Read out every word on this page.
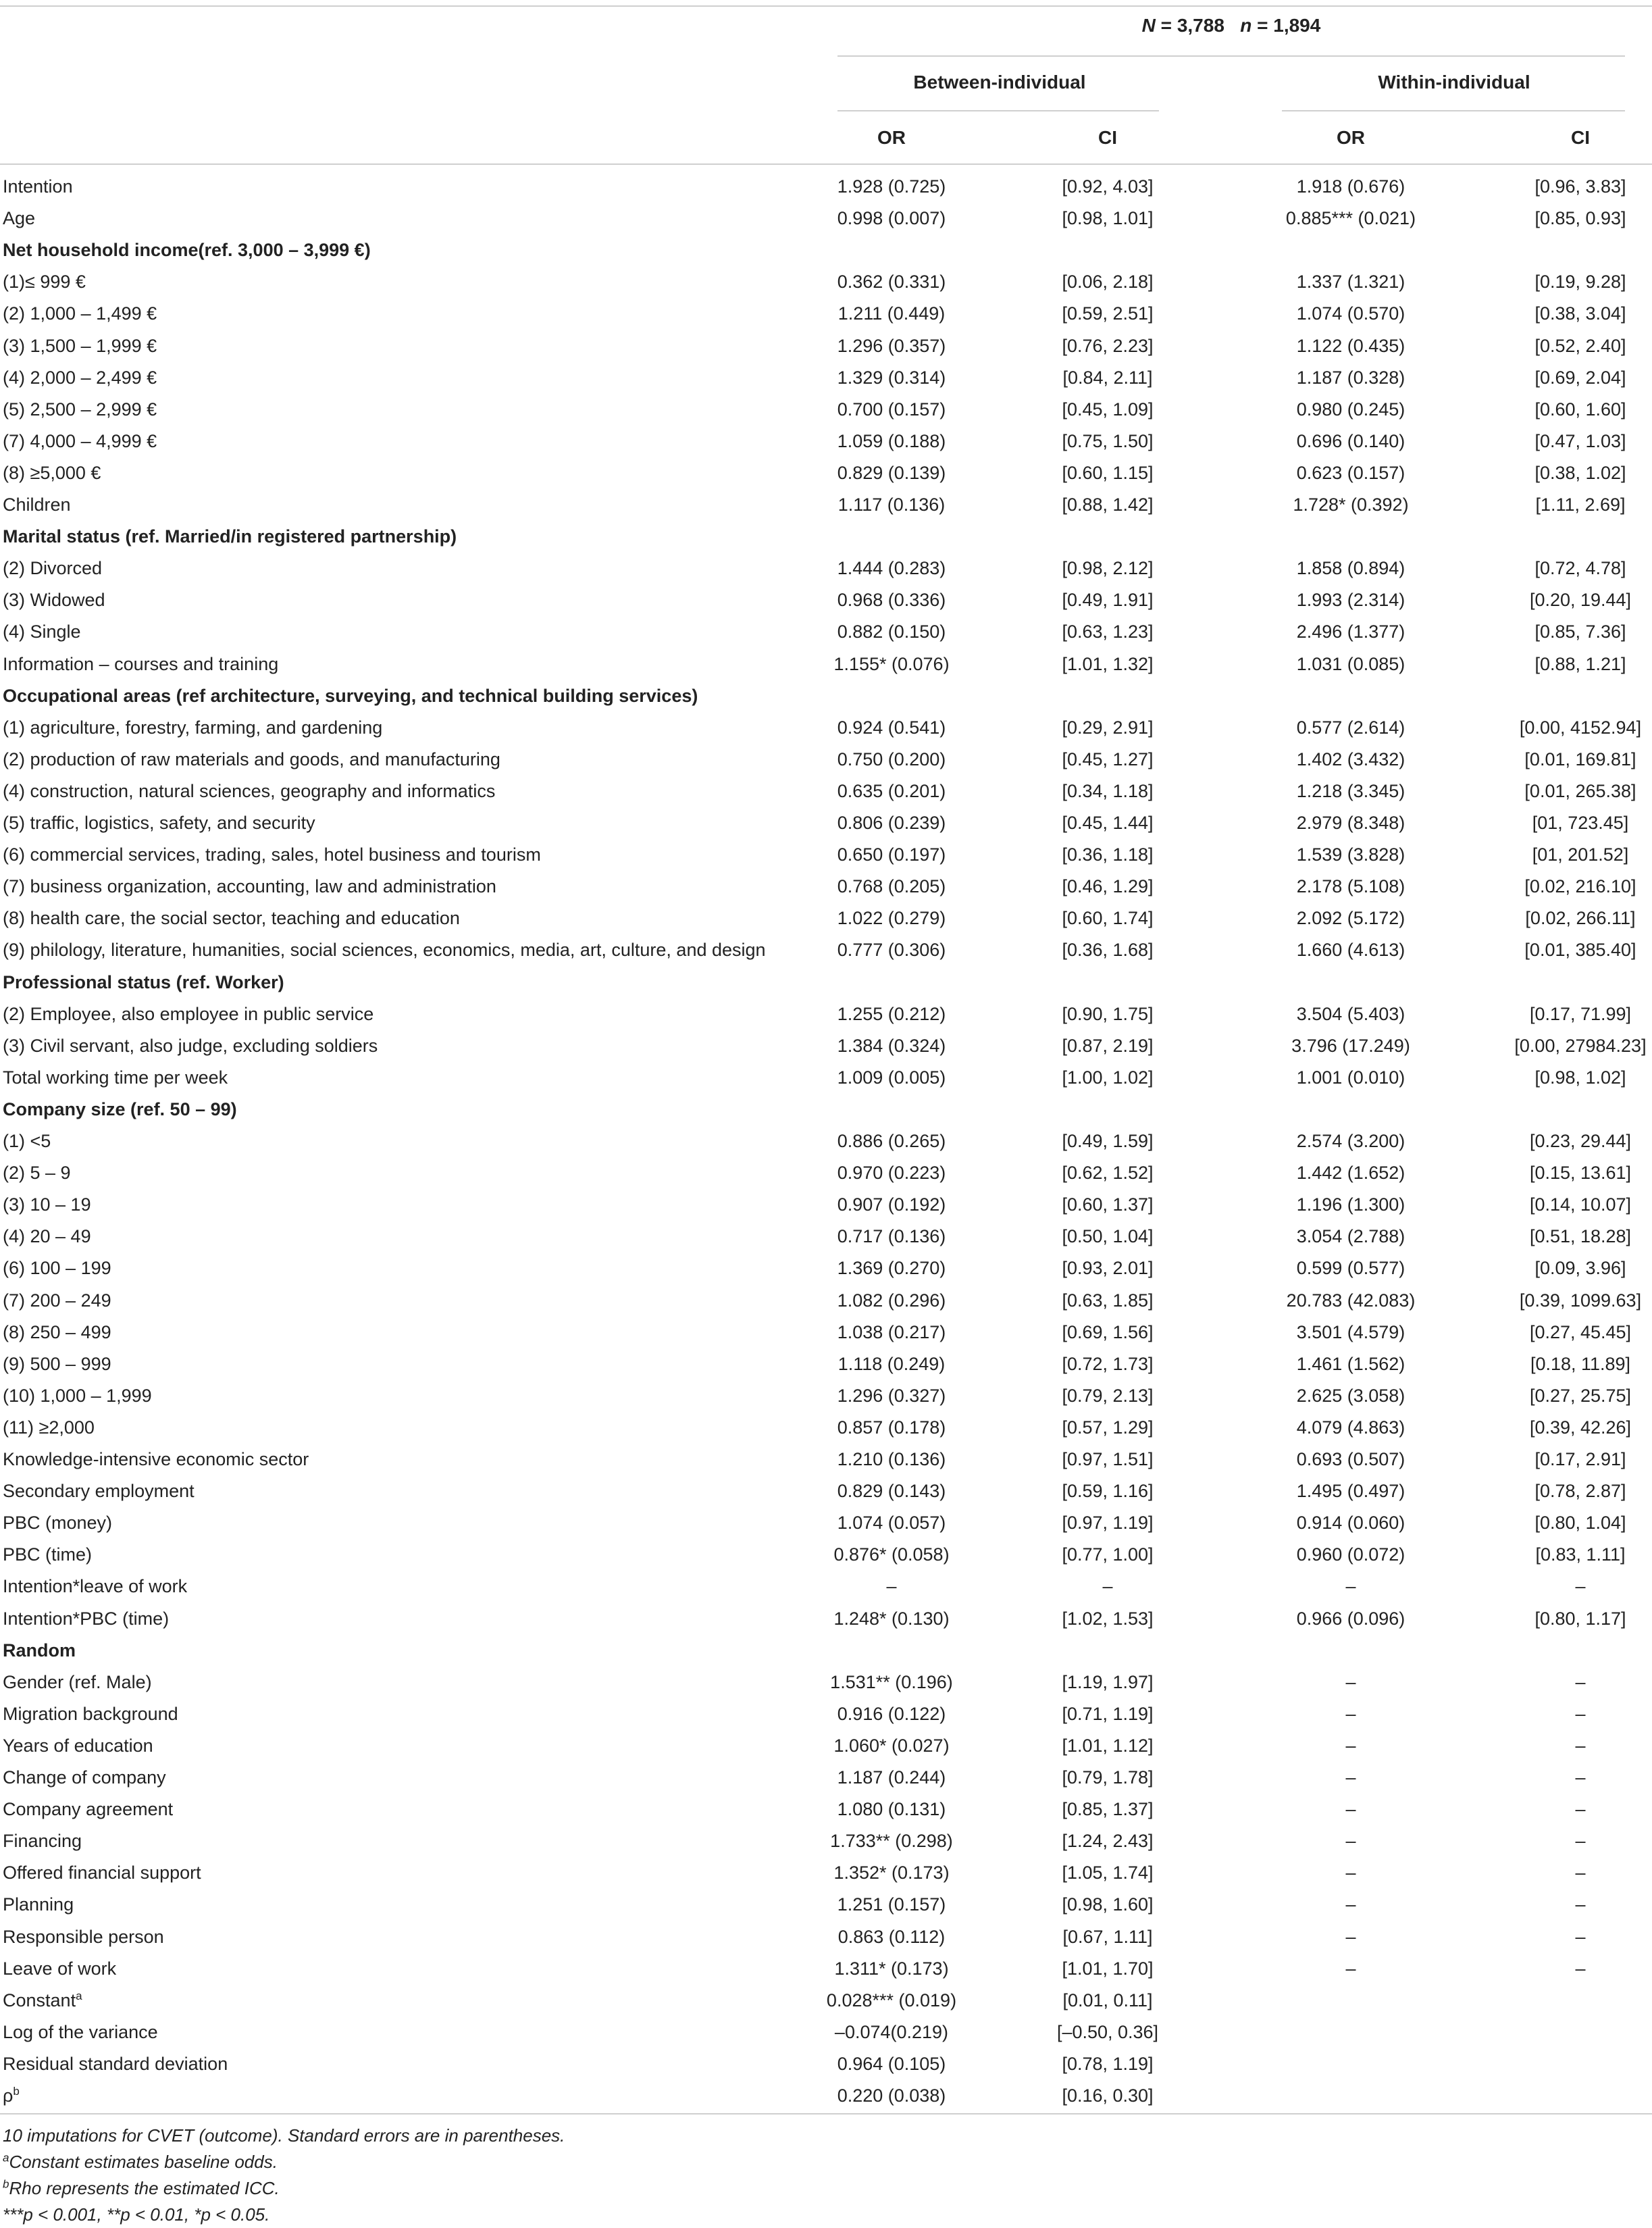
N = 3,788 n = 1,894
Between-individual	Within-individual
OR	CI	OR	CI
Intention	1.928 (0.725)	[0.92, 4.03]	1.918 (0.676)	[0.96, 3.83]
Age	0.998 (0.007)	[0.98, 1.01]	0.885*** (0.021)	[0.85, 0.93]
Net household income(ref. 3,000 – 3,999 €)
(1)≤ 999 €	0.362 (0.331)	[0.06, 2.18]	1.337 (1.321)	[0.19, 9.28]
(2) 1,000 – 1,499 €	1.211 (0.449)	[0.59, 2.51]	1.074 (0.570)	[0.38, 3.04]
(3) 1,500 – 1,999 €	1.296 (0.357)	[0.76, 2.23]	1.122 (0.435)	[0.52, 2.40]
(4) 2,000 – 2,499 €	1.329 (0.314)	[0.84, 2.11]	1.187 (0.328)	[0.69, 2.04]
(5) 2,500 – 2,999 €	0.700 (0.157)	[0.45, 1.09]	0.980 (0.245)	[0.60, 1.60]
(7) 4,000 – 4,999 €	1.059 (0.188)	[0.75, 1.50]	0.696 (0.140)	[0.47, 1.03]
(8) ≥5,000 €	0.829 (0.139)	[0.60, 1.15]	0.623 (0.157)	[0.38, 1.02]
Children	1.117 (0.136)	[0.88, 1.42]	1.728* (0.392)	[1.11, 2.69]
Marital status (ref. Married/in registered partnership)
(2) Divorced	1.444 (0.283)	[0.98, 2.12]	1.858 (0.894)	[0.72, 4.78]
(3) Widowed	0.968 (0.336)	[0.49, 1.91]	1.993 (2.314)	[0.20, 19.44]
(4) Single	0.882 (0.150)	[0.63, 1.23]	2.496 (1.377)	[0.85, 7.36]
Information – courses and training	1.155* (0.076)	[1.01, 1.32]	1.031 (0.085)	[0.88, 1.21]
Occupational areas (ref architecture, surveying, and technical building services)
(1) agriculture, forestry, farming, and gardening	0.924 (0.541)	[0.29, 2.91]	0.577 (2.614)	[0.00, 4152.94]
(2) production of raw materials and goods, and manufacturing	0.750 (0.200)	[0.45, 1.27]	1.402 (3.432)	[0.01, 169.81]
(4) construction, natural sciences, geography and informatics	0.635 (0.201)	[0.34, 1.18]	1.218 (3.345)	[0.01, 265.38]
(5) traffic, logistics, safety, and security	0.806 (0.239)	[0.45, 1.44]	2.979 (8.348)	[01, 723.45]
(6) commercial services, trading, sales, hotel business and tourism	0.650 (0.197)	[0.36, 1.18]	1.539 (3.828)	[01, 201.52]
(7) business organization, accounting, law and administration	0.768 (0.205)	[0.46, 1.29]	2.178 (5.108)	[0.02, 216.10]
(8) health care, the social sector, teaching and education	1.022 (0.279)	[0.60, 1.74]	2.092 (5.172)	[0.02, 266.11]
(9) philology, literature, humanities, social sciences, economics, media, art, culture, and design	0.777 (0.306)	[0.36, 1.68]	1.660 (4.613)	[0.01, 385.40]
Professional status (ref. Worker)
(2) Employee, also employee in public service	1.255 (0.212)	[0.90, 1.75]	3.504 (5.403)	[0.17, 71.99]
(3) Civil servant, also judge, excluding soldiers	1.384 (0.324)	[0.87, 2.19]	3.796 (17.249)	[0.00, 27984.23]
Total working time per week	1.009 (0.005)	[1.00, 1.02]	1.001 (0.010)	[0.98, 1.02]
Company size (ref. 50 – 99)
(1) <5	0.886 (0.265)	[0.49, 1.59]	2.574 (3.200)	[0.23, 29.44]
(2) 5 – 9	0.970 (0.223)	[0.62, 1.52]	1.442 (1.652)	[0.15, 13.61]
(3) 10 – 19	0.907 (0.192)	[0.60, 1.37]	1.196 (1.300)	[0.14, 10.07]
(4) 20 – 49	0.717 (0.136)	[0.50, 1.04]	3.054 (2.788)	[0.51, 18.28]
(6) 100 – 199	1.369 (0.270)	[0.93, 2.01]	0.599 (0.577)	[0.09, 3.96]
(7) 200 – 249	1.082 (0.296)	[0.63, 1.85]	20.783 (42.083)	[0.39, 1099.63]
(8) 250 – 499	1.038 (0.217)	[0.69, 1.56]	3.501 (4.579)	[0.27, 45.45]
(9) 500 – 999	1.118 (0.249)	[0.72, 1.73]	1.461 (1.562)	[0.18, 11.89]
(10) 1,000 – 1,999	1.296 (0.327)	[0.79, 2.13]	2.625 (3.058)	[0.27, 25.75]
(11) ≥2,000	0.857 (0.178)	[0.57, 1.29]	4.079 (4.863)	[0.39, 42.26]
Knowledge-intensive economic sector	1.210 (0.136)	[0.97, 1.51]	0.693 (0.507)	[0.17, 2.91]
Secondary employment	0.829 (0.143)	[0.59, 1.16]	1.495 (0.497)	[0.78, 2.87]
PBC (money)	1.074 (0.057)	[0.97, 1.19]	0.914 (0.060)	[0.80, 1.04]
PBC (time)	0.876* (0.058)	[0.77, 1.00]	0.960 (0.072)	[0.83, 1.11]
Intention*leave of work	–	–	–	–
Intention*PBC (time)	1.248* (0.130)	[1.02, 1.53]	0.966 (0.096)	[0.80, 1.17]
Random
Gender (ref. Male)	1.531** (0.196)	[1.19, 1.97]	–	–
Migration background	0.916 (0.122)	[0.71, 1.19]	–	–
Years of education	1.060* (0.027)	[1.01, 1.12]	–	–
Change of company	1.187 (0.244)	[0.79, 1.78]	–	–
Company agreement	1.080 (0.131)	[0.85, 1.37]	–	–
Financing	1.733** (0.298)	[1.24, 2.43]	–	–
Offered financial support	1.352* (0.173)	[1.05, 1.74]	–	–
Planning	1.251 (0.157)	[0.98, 1.60]	–	–
Responsible person	0.863 (0.112)	[0.67, 1.11]	–	–
Leave of work	1.311* (0.173)	[1.01, 1.70]	–	–
Constant$^a$	0.028*** (0.019)	[0.01, 0.11]
Log of the variance	–0.074(0.219)	[–0.50, 0.36]
Residual standard deviation	0.964 (0.105)	[0.78, 1.19]
$\rho^b$	0.220 (0.038)	[0.16, 0.30]
10 imputations for CVET (outcome). Standard errors are in parentheses.
$^a$Constant estimates baseline odds.
$^b$Rho represents the estimated ICC.
***p < 0.001, **p < 0.01, *p < 0.05.
